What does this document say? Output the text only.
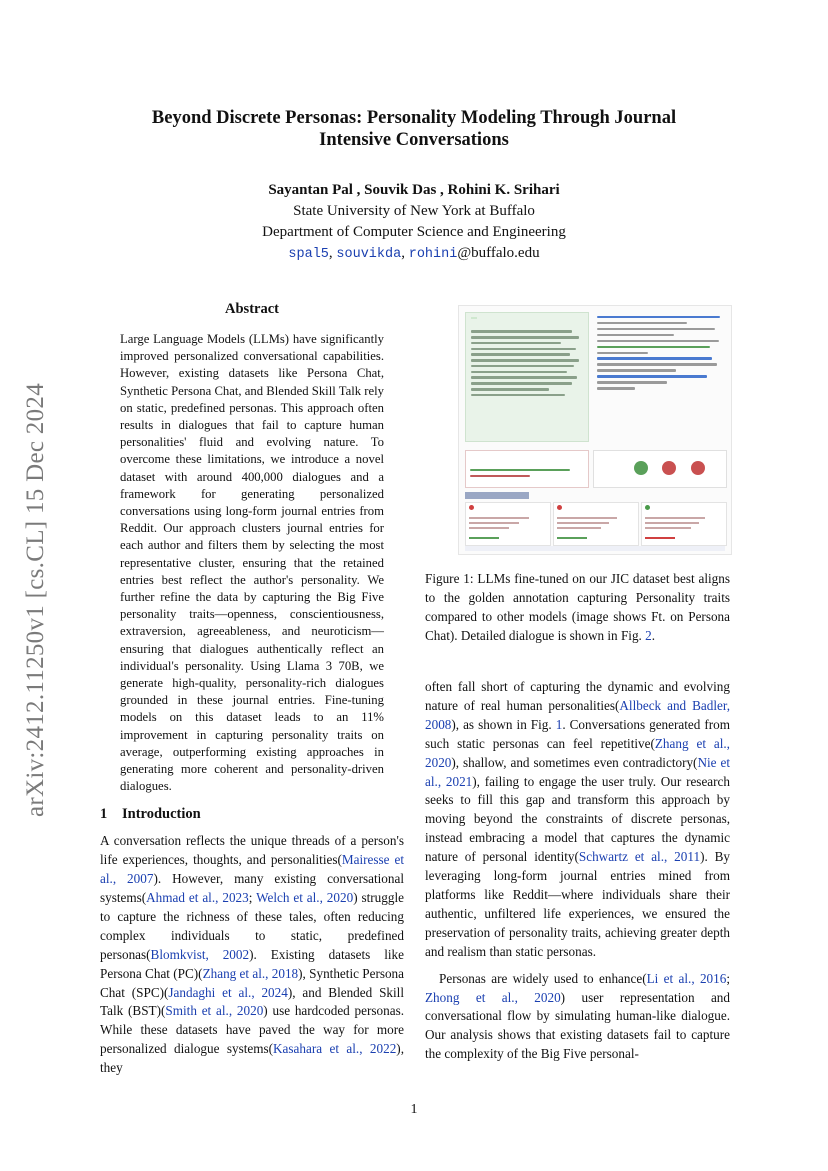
arXiv:2412.11250v1 [cs.CL] 15 Dec 2024
Beyond Discrete Personas: Personality Modeling Through Journal
Intensive Conversations
Sayantan Pal , Souvik Das , Rohini K. Srihari
State University of New York at Buffalo
Department of Computer Science and Engineering
spal5, souvikda, rohini@buffalo.edu
Abstract
Large Language Models (LLMs) have significantly improved personalized conversational capabilities. However, existing datasets like Persona Chat, Synthetic Persona Chat, and Blended Skill Talk rely on static, predefined personas. This approach often results in dialogues that fail to capture human personalities' fluid and evolving nature. To overcome these limitations, we introduce a novel dataset with around 400,000 dialogues and a framework for generating personalized conversations using long-form journal entries from Reddit. Our approach clusters journal entries for each author and filters them by selecting the most representative cluster, ensuring that the retained entries best reflect the author's personality. We further refine the data by capturing the Big Five personality traits—openness, conscientiousness, extraversion, agreeableness, and neuroticism—ensuring that dialogues authentically reflect an individual's personality. Using Llama 3 70B, we generate high-quality, personality-rich dialogues grounded in these journal entries. Fine-tuning models on this dataset leads to an 11% improvement in capturing personality traits on average, outperforming existing approaches in generating more coherent and personality-driven dialogues.
1 Introduction

A conversation reflects the unique threads of a person's life experiences, thoughts, and personalities(Mairesse et al., 2007). However, many existing conversational systems(Ahmad et al., 2023; Welch et al., 2020) struggle to capture the richness of these tales, often reducing complex individuals to static, predefined personas(Blomkvist, 2002). Existing datasets like Persona Chat (PC)(Zhang et al., 2018), Synthetic Persona Chat (SPC)(Jandaghi et al., 2024), and Blended Skill Talk (BST)(Smith et al., 2020) use hardcoded personas. While these datasets have paved the way for more personalized dialogue systems(Kasahara et al., 2022), they

Figure 1: LLMs fine-tuned on our JIC dataset best aligns to the golden annotation capturing Personality traits compared to other models (image shows Ft. on Persona Chat). Detailed dialogue is shown in Fig. 2.

often fall short of capturing the dynamic and evolving nature of real human personalities(Allbeck and Badler, 2008), as shown in Fig. 1. Conversations generated from such static personas can feel repetitive(Zhang et al., 2020), shallow, and sometimes even contradictory(Nie et al., 2021), failing to engage the user truly. Our research seeks to fill this gap and transform this approach by moving beyond the constraints of discrete personas, instead embracing a model that captures the dynamic nature of personal identity(Schwartz et al., 2011). By leveraging long-form journal entries mined from platforms like Reddit—where individuals share their authentic, unfiltered life experiences, we ensured the preservation of personality traits, achieving greater depth and realism than static personas.

Personas are widely used to enhance(Li et al., 2016; Zhong et al., 2020) user representation and conversational flow by simulating human-like dialogue. Our analysis shows that existing datasets fail to capture the complexity of the Big Five personal-

1
